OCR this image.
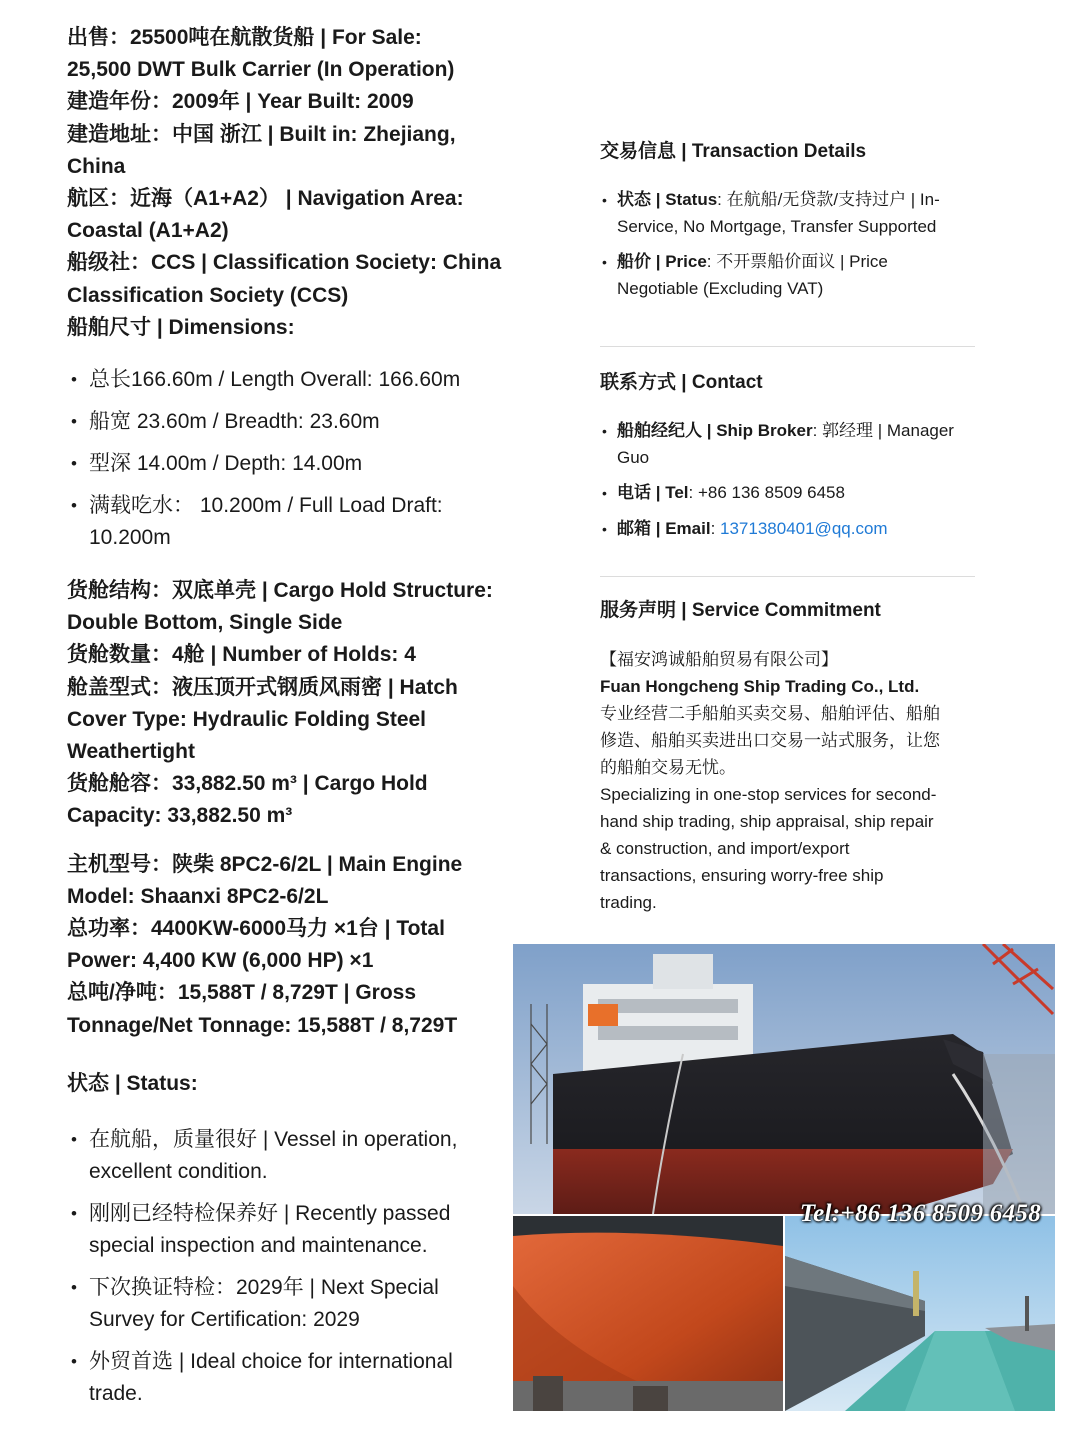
出售：25500吨在航散货船 | For Sale:

25,500 DWT Bulk Carrier (In Operation)

建造年份：2009年 | Year Built: 2009

建造地址：中国 浙江 | Built in: Zhejiang,

China

航区：近海（A1+A2） | Navigation Area:

Coastal (A1+A2)

船级社：CCS | Classification Society: China

Classification Society (CCS)

船舶尺寸 | Dimensions:

• 总长166.60m / Length Overall: 166.60m
• 船宽 23.60m / Breadth: 23.60m
• 型深 14.00m / Depth: 14.00m
• 满载吃水： 10.200m / Full Load Draft:
10.200m

货舱结构：双底单壳 | Cargo Hold Structure:

Double Bottom, Single Side

货舱数量：4舱 | Number of Holds: 4

舱盖型式：液压顶开式钢质风雨密 | Hatch

Cover Type: Hydraulic Folding Steel

Weathertight

货舱舱容：33,882.50 m³ | Cargo Hold

Capacity: 33,882.50 m³

主机型号：陕柴 8PC2-6/2L | Main Engine

Model: Shaanxi 8PC2-6/2L

总功率：4400KW-6000马力 ×1台 | Total

Power: 4,400 KW (6,000 HP) ×1

总吨/净吨：15,588T / 8,729T | Gross

Tonnage/Net Tonnage: 15,588T / 8,729T

状态 | Status:

• 在航船，质量很好 | Vessel in operation,
excellent condition.
• 刚刚已经特检保养好 | Recently passed
special inspection and maintenance.
• 下次换证特检：2029年 | Next Special
Survey for Certification: 2029
• 外贸首选 | Ideal choice for international
trade.

交易信息 | Transaction Details

• 状态 | Status: 在航船/无贷款/支持过户 | In-
Service, No Mortgage, Transfer Supported
• 船价 | Price: 不开票船价面议 | Price
Negotiable (Excluding VAT)

联系方式 | Contact

• 船舶经纪人 | Ship Broker: 郭经理 | Manager
Guo
• 电话 | Tel: +86 136 8509 6458
• 邮箱 | Email: 1371380401@qq.com

服务声明 | Service Commitment

【福安鸿诚船舶贸易有限公司】

Fuan Hongcheng Ship Trading Co., Ltd.

专业经营二手船舶买卖交易、船舶评估、船舶

修造、船舶买卖进出口交易一站式服务，让您

的船舶交易无忧。

Specializing in one-stop services for second-

hand ship trading, ship appraisal, ship repair

& construction, and import/export

transactions, ensuring worry-free ship

trading.

Tel:+86 136 8509 6458
